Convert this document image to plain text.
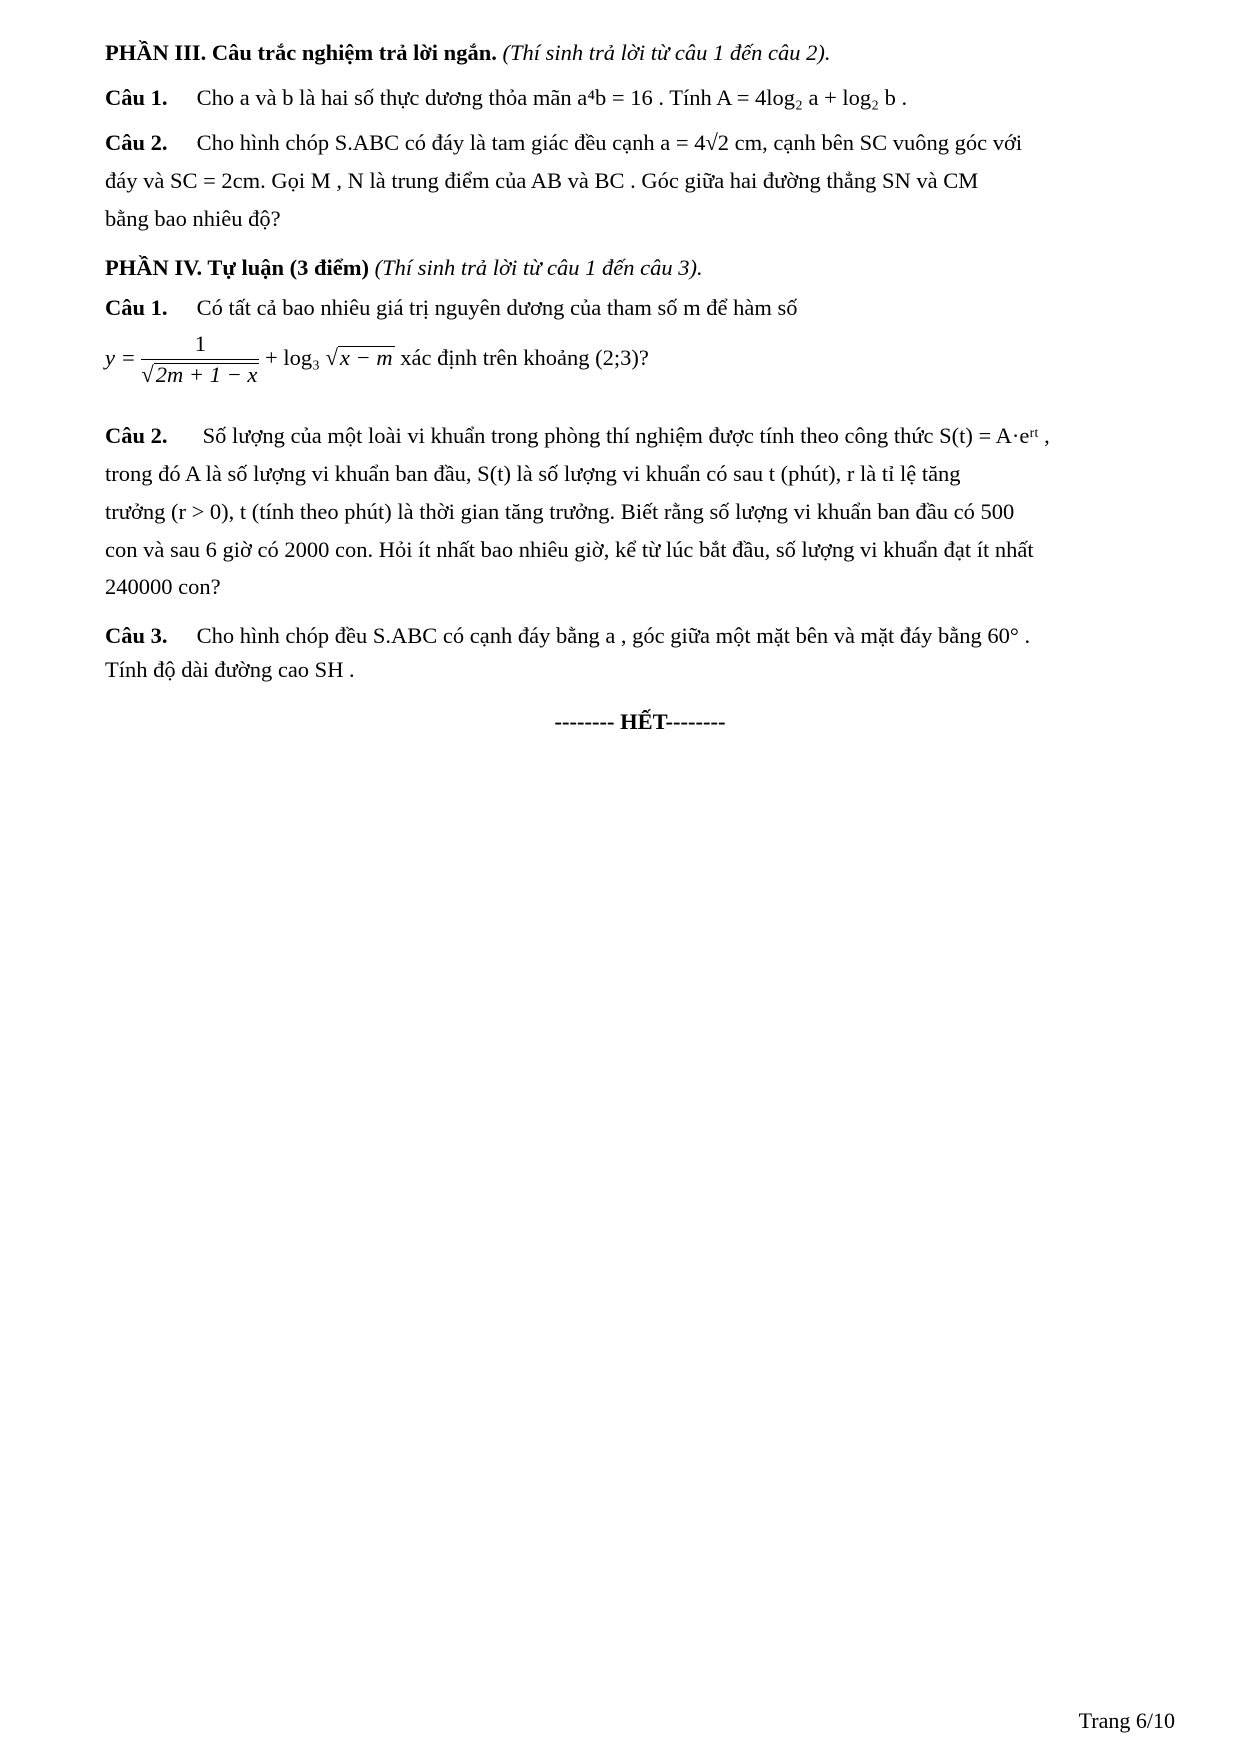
PHẦN III. Câu trắc nghiệm trả lời ngắn. (Thí sinh trả lời từ câu 1 đến câu 2).
Câu 1. Cho a và b là hai số thực dương thỏa mãn a⁴b = 16 . Tính A = 4log₂ a + log₂ b .
Câu 2. Cho hình chóp S.ABC có đáy là tam giác đều cạnh a = 4√2 cm, cạnh bên SC vuông góc với
đáy và SC = 2cm. Gọi M , N là trung điểm của AB và BC . Góc giữa hai đường thẳng SN và CM
bằng bao nhiêu độ?
PHẦN IV. Tự luận (3 điểm) (Thí sinh trả lời từ câu 1 đến câu 3).
Câu 1. Có tất cả bao nhiêu giá trị nguyên dương của tham số m để hàm số
$y = \frac{1}{√2m + 1 - x} + \log_3$ √x − m xác định trên khoảng (2;3)?
Câu 2. Số lượng của một loài vi khuẩn trong phòng thí nghiệm được tính theo công thức S(t) = A·eʳᵗ ,
trong đó A là số lượng vi khuẩn ban đầu, S(t) là số lượng vi khuẩn có sau t (phút), r là tỉ lệ tăng
trưởng (r > 0), t (tính theo phút) là thời gian tăng trưởng. Biết rằng số lượng vi khuẩn ban đầu có 500
con và sau 6 giờ có 2000 con. Hỏi ít nhất bao nhiêu giờ, kể từ lúc bắt đầu, số lượng vi khuẩn đạt ít nhất
240000 con?
Câu 3. Cho hình chóp đều S.ABC có cạnh đáy bằng a , góc giữa một mặt bên và mặt đáy bằng 60° .
Tính độ dài đường cao SH .
-------- HẾT--------
Trang 6/10
